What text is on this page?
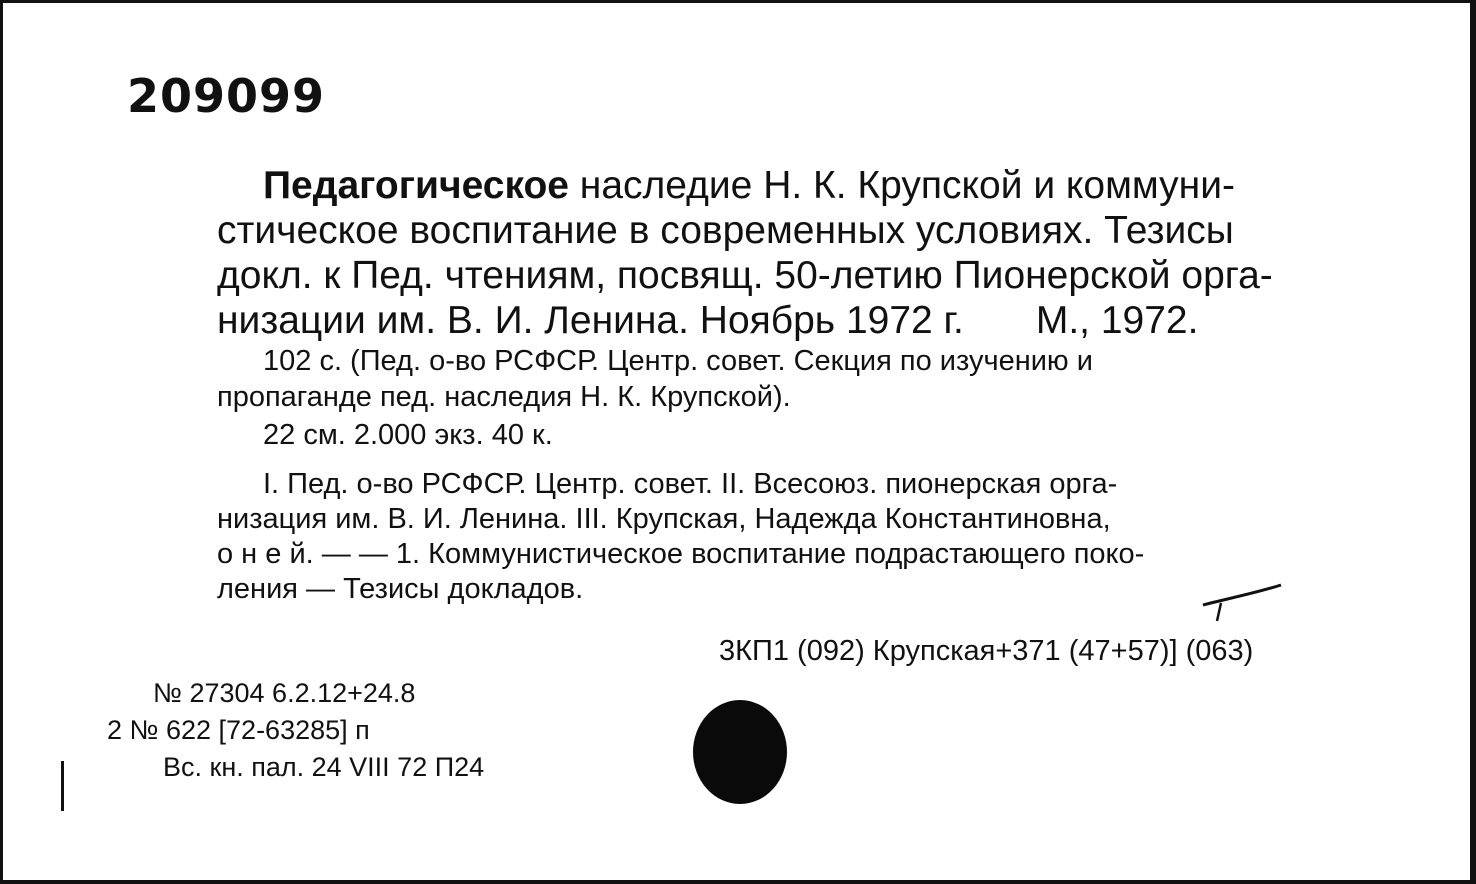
209099
Педагогическое наследие Н. К. Крупской и коммуни-
стическое воспитание в современных условиях. Тезисы
докл. к Пед. чтениям, посвящ. 50-летию Пионерской орга-
низации им. В. И. Ленина. Ноябрь 1972 г. М., 1972.
102 с. (Пед. о-во РСФСР. Центр. совет. Секция по изучению и
пропаганде пед. наследия Н. К. Крупской).
22 см. 2.000 экз. 40 к.
I. Пед. о-во РСФСР. Центр. совет. II. Всесоюз. пионерская орга-
низация им. В. И. Ленина. III. Крупская, Надежда Константиновна,
о н е й. — — 1. Коммунистическое воспитание подрастающего поко-
ления — Тезисы докладов.
3КП1 (092) Крупская+371 (47+57)] (063)
№ 27304 6.2.12+24.8
2 № 622 [72-63285] п
Вс. кн. пал. 24 VIII 72 П24
